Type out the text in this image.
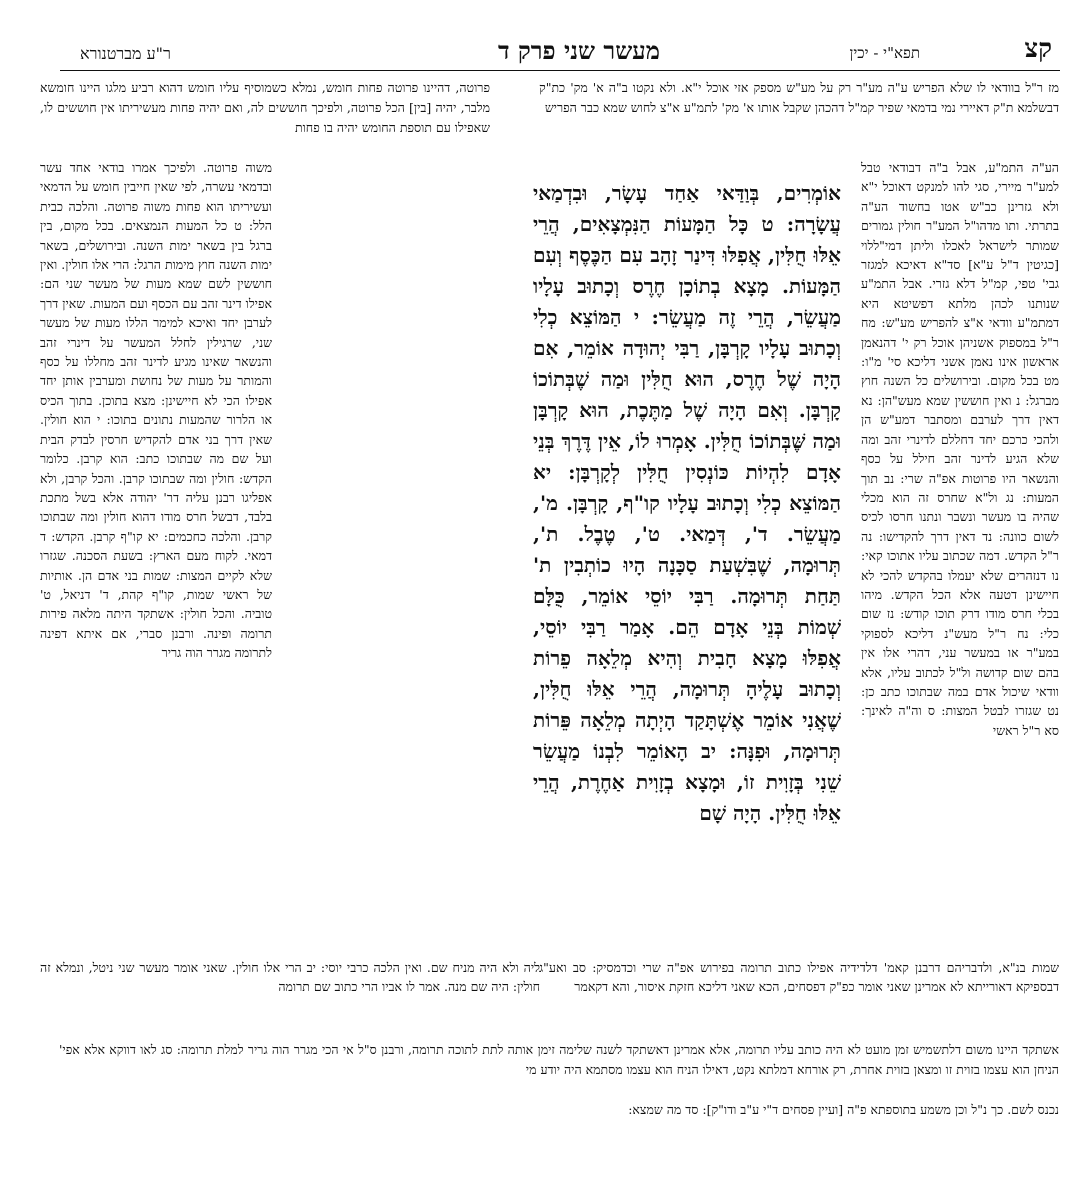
קצ
תפא"י - יכין
מעשר שני פרק ד
ר"ע מברטנורא

מז ר"ל בוודאי לו שלא הפריש ע"ה מע"ר רק על מע"ש מספק אזי אוכל י"א. ולא נקטו ב"ה א' מק' כת"ק דבשלמא ת"ק דאיירי נמי בדמאי שפיר קמ"ל דהכהן שקבל אותו א' מק' לתמ"ע א"צ לחוש שמא כבר הפריש

הע"ה התמ"ע, אבל ב"ה דבודאי טבל למע"ר מיירי, סגי להו למנקט דאוכל י"א ולא גזרינן כב"ש אטו בחשוד הע"ה בתרתי. ותו מדהו"ל המע"ר חולין גמורים שמותר לישראל לאכלו וליתן דמי"ללוי [כגיטין ד"ל ע"א] סד"א דאיכא למגזר גבי' טפי, קמ"ל דלא גזרי. אבל התמ"ע שנותנו לכהן מלתא דפשיטא היא דמתמ"ע וודאי א"צ להפריש מע"ש: מח ר"ל במספוק אשניהן אוכל רק י' דהנאמן אראשון אינו נאמן אשני דליכא סי' מ"ו: מט בכל מקום. ובירושלים כל השנה חוץ מברגל: נ ואין חוששין שמא מעש"הן: נא דאין דרך לערבם ומסתבר דמע"ש הן ולהכי כרכם יחד דחללם לדינרי זהב ומה שלא הגיע לדינר זהב חילל על כסף והנשאר היו פרוטות אפ"ה שרי: נב תוך המעות: נג ול"א שחרס זה הוא מכלי שהיה בו מעשר ונשבר ונתנו חרסו לכיס לשום כוונה: נד דאין דרך להקדישו: נה ר"ל הקדש. דמה שכתוב עליו אתוכו קאי: נו דנזהרים שלא יעמלו בהקדש להכי לא חיישינן דטעה אלא הכל הקדש. מיהו בכלי חרס מודו דרק תוכו קודש: נז שום כלי: נח ר"ל מעש"נ דליכא לספוקי במע"ר או במעשר עני, דהרי אלו אין בהם שום קדושה ול"ל לכתוב עליו, אלא וודאי שיכול אדם במה שבתוכו כתב כן: נט שגזרו לבטל המצות: ס וה"ה לאינך: סא ר"ל ראשי

פרוטה, דהיינו פרוטה פחות חומש, נמלא כשמוסיף עליו חומש דהוא רביע מלגו היינו חומשא מלבר, יהיה [בין] הכל פרוטה, ולפיכך חוששים לה, ואם יהיה פחות מעשיריתו אין חוששים לו, שאפילו עם תוספת החומש יהיה בו פחות

משוה פרוטה. ולפיכך אמרו בודאי אחד עשר ובדמאי עשרה, לפי שאין חייבין חומש על הדמאי ועשיריתו הוא פחות משוה פרוטה. והלכה כבית הלל: ט כל המעות הנמצאים. בכל מקום, בין ברגל בין בשאר ימות השנה. ובירושלים, בשאר ימות השנה חוץ מימות הרגל: הרי אלו חולין. ואין חוששין לשם שמא מעות של מעשר שני הם: אפילו דינר זהב עם הכסף ועם המעות. שאין דרך לערבן יחד ואיכא למימר הללו מעות של מעשר שני, שרגילין לחלל המעשר על דינרי זהב והנשאר שאינו מגיע לדינר זהב מחללו על כסף והמותר על מעות של נחושת ומערבין אותן יחד אפילו הכי לא חיישינן: מצא בתוכן. בתוך הכיס או הלרור שהמעות נתונים בתוכו: י הוא חולין. שאין דרך בני אדם להקדיש חרסין לבדק הבית ועל שם מה שבתוכו כתב: הוא קרבן. כלומר הקדש: חולין ומה שבתוכו קרבן. והכל קרבן, ולא אפליגו רבנן עליה דר' יהודה אלא בשל מתכת בלבד, דבשל חרס מודו דהוא חולין ומה שבתוכו קרבן. והלכה כחכמים: יא קו"ף קרבן. הקדש: ד דמאי. לקוח מעם הארץ: בשעת הסכנה. שגזרו שלא לקיים המצות: שמות בני אדם הן. אותיות של ראשי שמות, קו"ף קהת, ד' דניאל, ט' טוביה. והכל חולין: אשתקד היתה מלאה פירות תרומה ופינה. ורבנן סברי, אם איתא דפינה לתרומה מגרר הוה גריר

אוֹמְרִים, בְּוַדַּאי אַחַד עָשָׂר, וּבִדְמַאי עֲשָׂרָה: ט כָּל הַמָּעוֹת הַנִּמְצָאִים, הֲרֵי אֵלּוּ חֻלִּין, אֲפִלּוּ דִּינַר זָהָב עִם הַכֶּסֶף וְעִם הַמָּעוֹת. מָצָא בְתוֹכָן חֶרֶס וְכָתוּב עָלָיו מַעֲשֵׂר, הֲרֵי זֶה מַעֲשֵׂר: י הַמּוֹצֵא כְלִי וְכָתוּב עָלָיו קָרְבָּן, רַבִּי יְהוּדָה אוֹמֵר, אִם הָיָה שֶׁל חֶרֶס, הוּא חֻלִּין וּמַה שֶׁבְּתוֹכוֹ קָרְבָּן. וְאִם הָיָה שֶׁל מַתֶּכֶת, הוּא קָרְבָּן וּמַה שֶּׁבְּתוֹכוֹ חֻלִּין. אָמְרוּ לוֹ, אֵין דֶּרֶךְ בְּנֵי אָדָם לִהְיוֹת כּוֹנְסִין חֻלִּין לְקָרְבָּן: יא הַמּוֹצֵא כְלִי וְכָתוּב עָלָיו קו"ף, קָרְבָּן. מ', מַעֲשֵׂר. ד', דְּמַאי. ט', טֶבֶל. ת', תְּרוּמָה, שֶׁבִּשְׁעַת סַכָּנָה הָיוּ כוֹתְבִין ת' תַּחַת תְּרוּמָה. רַבִּי יוֹסֵי אוֹמֵר, כֻּלָּם שְׁמוֹת בְּנֵי אָדָם הֵם. אָמַר רַבִּי יוֹסֵי, אֲפִלּוּ מָצָא חָבִית וְהִיא מְלֵאָה פֵרוֹת וְכָתוּב עָלֶיהָ תְּרוּמָה, הֲרֵי אֵלּוּ חֻלִּין, שֶׁאֲנִי אוֹמֵר אֶשְׁתָּקַד הָיְתָה מְלֵאָה פֵּרוֹת תְּרוּמָה, וּפִנָּה: יב הָאוֹמֵר לִבְנוֹ מַעֲשֵׂר שֵׁנִי בְּזָוִית זוֹ, וּמָצָא בְזָוִית אַחֶרֶת, הֲרֵי אֵלּוּ חֻלִּין. הָיָה שָׁם

שמות בנ"א, ולדבריהם דרבנן קאמ' דלדידיה אפילו כתוב תרומה בפירוש אפ"ה שרי וכדמסיק: סב ואע"ג דבספיקא דאורייתא לא אמרינן שאני אומר כפ"ק דפסחים, הכא שאני דליכא חזקת איסור, והא דקאמר

ליה ולא היה מניח שם. ואין הלכה כרבי יוסי: יב הרי אלו חולין. שאני אומר מעשר שני ניטל, ונמלא זה חולין: היה שם מנה. אמר לו אביו הרי כתוב שם תרומה

אשתקד היינו משום דלתשמיש זמן מועט לא היה כותב עליו תרומה, אלא אמרינן דאשתקד לשנה שלימה זימן אותה לתת לתוכה תרומה, ורבנן ס"ל אי הכי מגרר הוה גריר למלת תרומה: סג לאו דווקא אלא אפי' הניחן הוא עצמו בזוית זו ומצאן בזוית אחרת, רק אורחא דמלתא נקט, דאילו הניח הוא עצמו מסתמא היה יודע מי

נכנס לשם. כך נ"ל וכן משמע בתוספתא פ"ה [ועיין פסחים ד"י ע"ב ודו"ק]: סד מה שמצא:
